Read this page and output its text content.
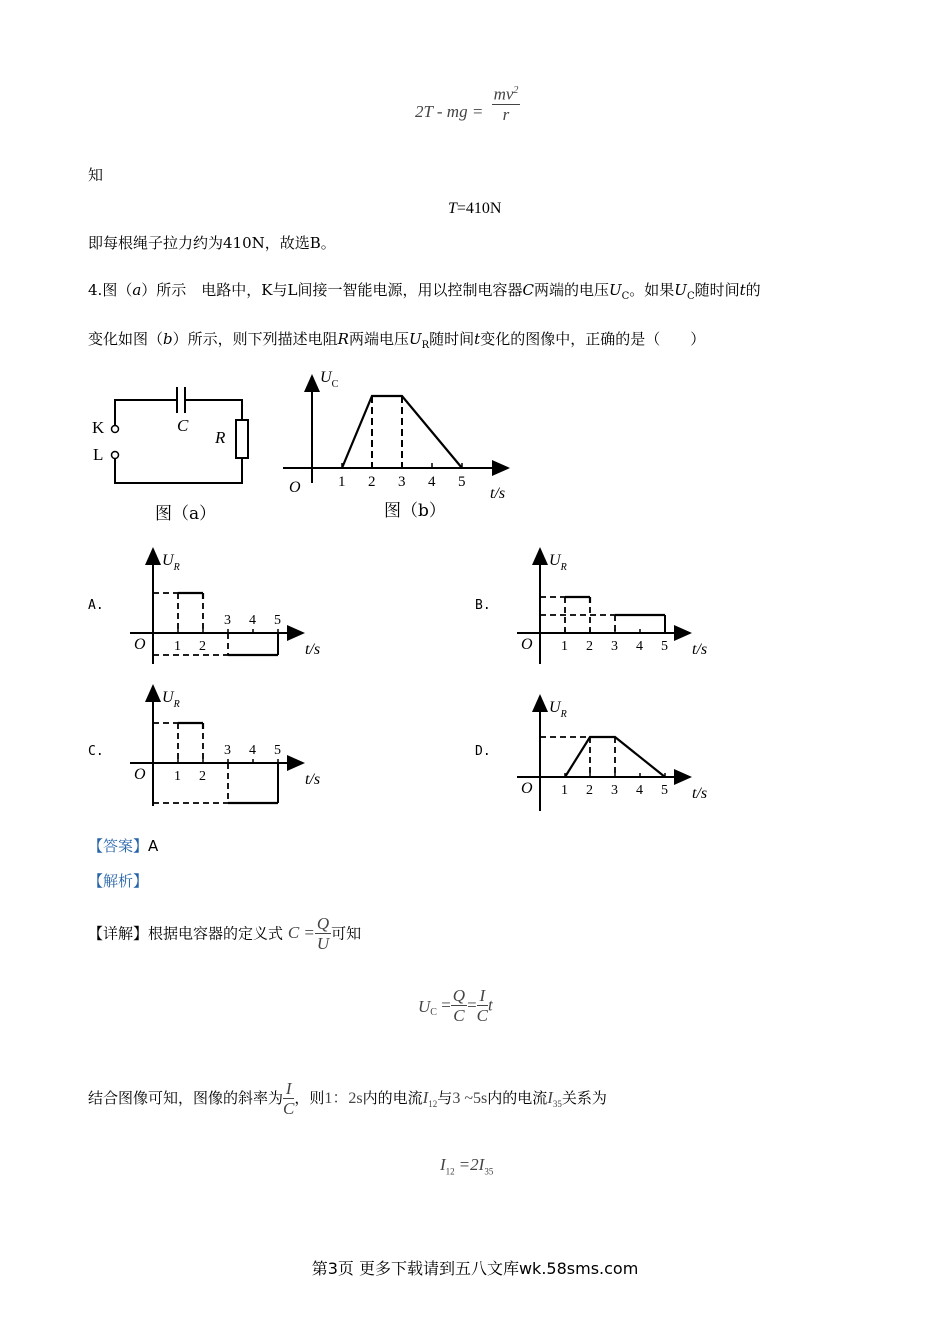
2T - mg = $\frac{mv^2}{r}$
知
T=410N
即每根绳子拉力约为410N，故选B。
4.图（a）所示　电路中，K与L间接一智能电源，用以控制电容器C两端的电压$U_C$。如果$U_C$随时间t的
变化如图（b）所示，则下列描述电阻R两端电压$U_R$随时间t变化的图像中，正确的是（　　）
K
L
C
R
图（a）
1 2 3 4 5
$U_C$
O	t/s
图（b）
A.
1 2
3 4 5
$U_R$
O	t/s
B.
1 2 3 4 5
$U_R$
O	t/s
C.
1 2
3 4 5
$U_R$
O	t/s
D.
1 2 3 4 5
$U_R$
O	t/s
【答案】A
【解析】
【详解】根据电容器的定义式 $C = \frac{Q}{U}$ 可知
$U_C = \frac{Q}{C} = \frac{I}{C}$ t
结合图像可知，图像的斜率为 $\frac{I}{C}$ ，则1：2s内的电流$I_{12}$与3 ~5s内的电流$I_{35}$关系为
$I_{12} =2I_{35}$
第3页 更多下载请到五八文库wk.58sms.com
